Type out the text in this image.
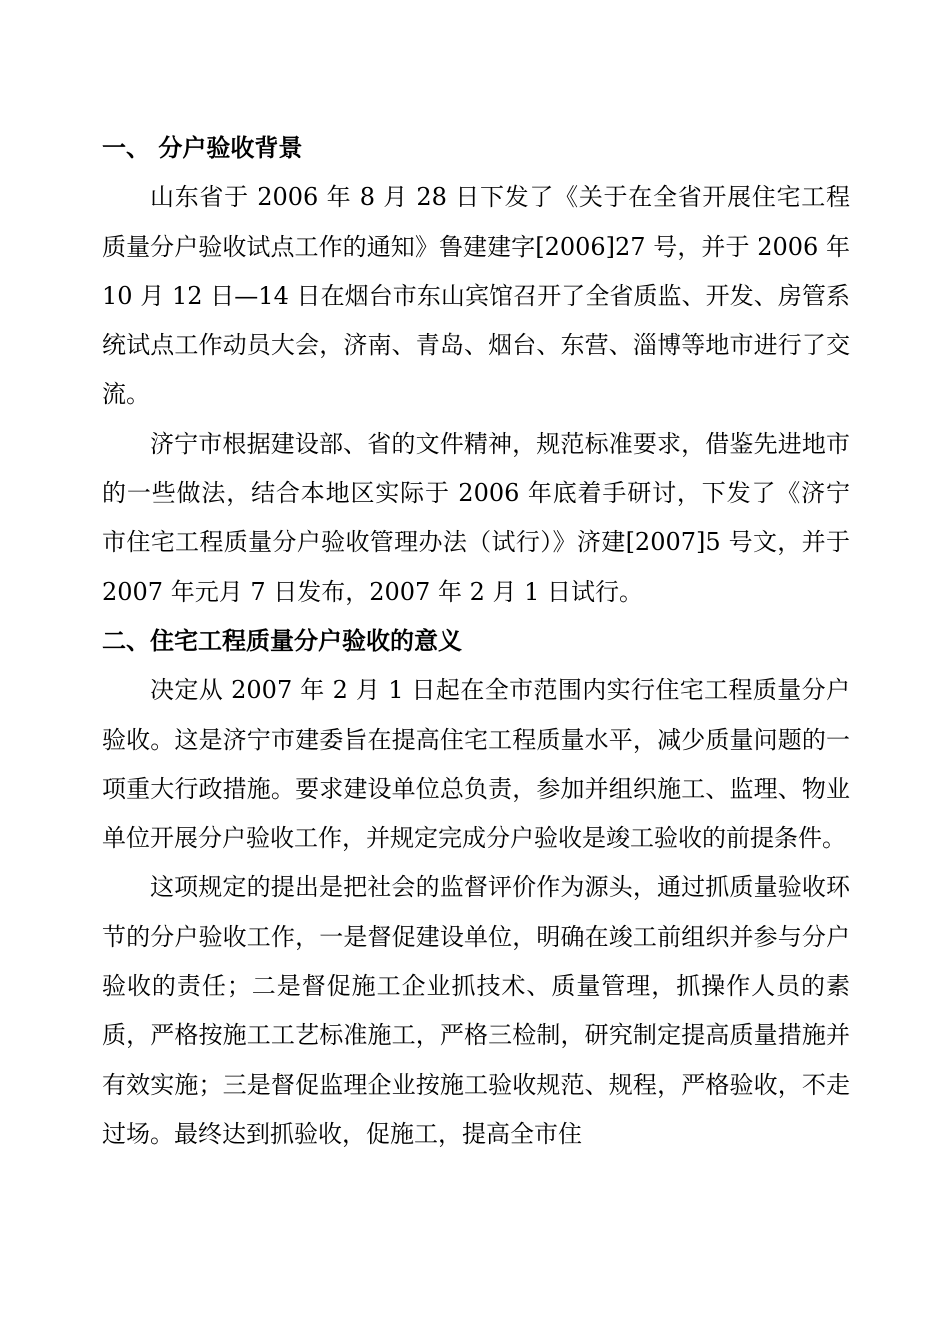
一、 分户验收背景

山东省于 2006 年 8 月 28 日下发了《关于在全省开展住宅工程质量分户验收试点工作的通知》鲁建建字[2006]27 号，并于 2006 年 10 月 12 日—14 日在烟台市东山宾馆召开了全省质监、开发、房管系统试点工作动员大会，济南、青岛、烟台、东营、淄博等地市进行了交流。

济宁市根据建设部、省的文件精神，规范标准要求，借鉴先进地市的一些做法，结合本地区实际于 2006 年底着手研讨，下发了《济宁市住宅工程质量分户验收管理办法（试行）》济建[2007]5 号文，并于 2007 年元月 7 日发布，2007 年 2 月 1 日试行。

二、住宅工程质量分户验收的意义

决定从 2007 年 2 月 1 日起在全市范围内实行住宅工程质量分户验收。这是济宁市建委旨在提高住宅工程质量水平，减少质量问题的一项重大行政措施。要求建设单位总负责，参加并组织施工、监理、物业单位开展分户验收工作，并规定完成分户验收是竣工验收的前提条件。

这项规定的提出是把社会的监督评价作为源头，通过抓质量验收环节的分户验收工作，一是督促建设单位，明确在竣工前组织并参与分户验收的责任；二是督促施工企业抓技术、质量管理，抓操作人员的素质，严格按施工工艺标准施工，严格三检制，研究制定提高质量措施并有效实施；三是督促监理企业按施工验收规范、规程，严格验收，不走过场。最终达到抓验收，促施工，提高全市住
